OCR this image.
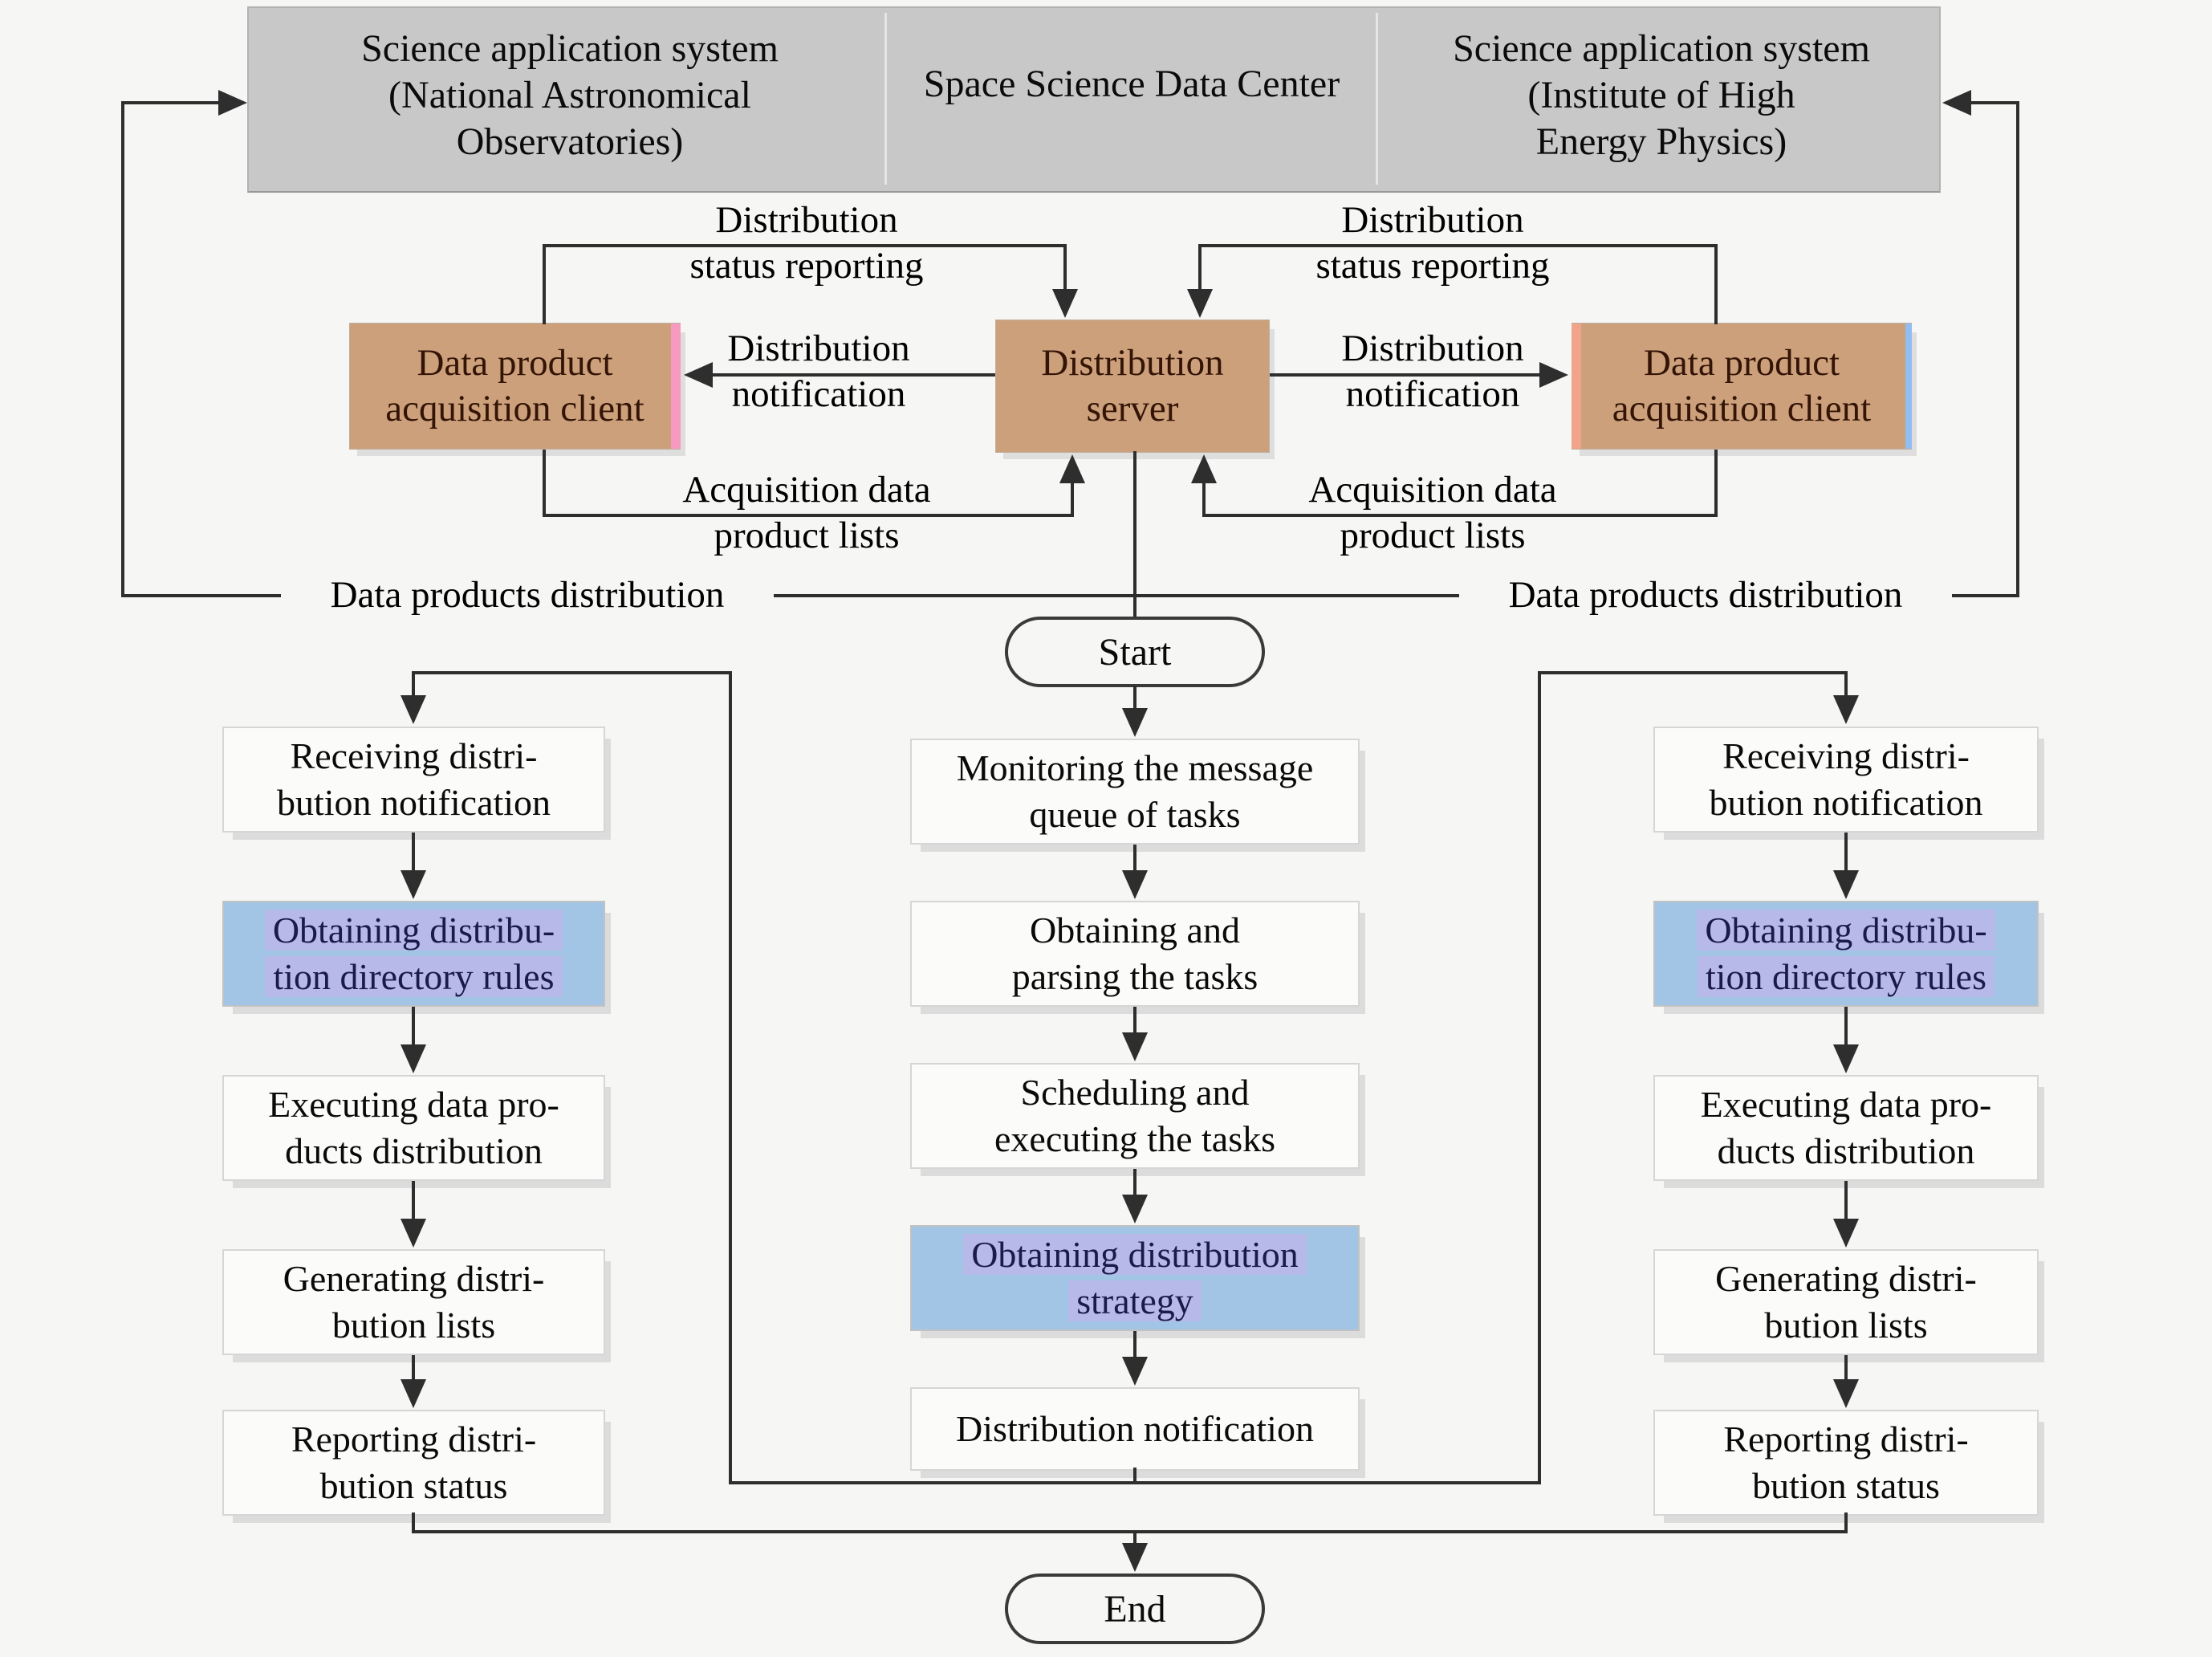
Science application system
(National Astronomical
Observatories)
Space Science Data Center
Science application system
(Institute of High
Energy Physics)
Data product
acquisition client
Distribution
server
Data product
acquisition client
Distribution
status reporting
Distribution
notification
Acquisition data
product lists
Distribution
status reporting
Distribution
notification
Acquisition data
product lists
Data products distribution	Data products distribution
Start
Receiving distri-
bution notification
Obtaining distribu-
tion directory rules
Executing data pro-
ducts distribution
Generating distri-
bution lists
Reporting distri-
bution status
Monitoring the message
queue of tasks
Obtaining and
parsing the tasks
Scheduling and
executing the tasks
Obtaining distribution
strategy
Distribution notification
Receiving distri-
bution notification
Obtaining distribu-
tion directory rules
Executing data pro-
ducts distribution
Generating distri-
bution lists
Reporting distri-
bution status
End
